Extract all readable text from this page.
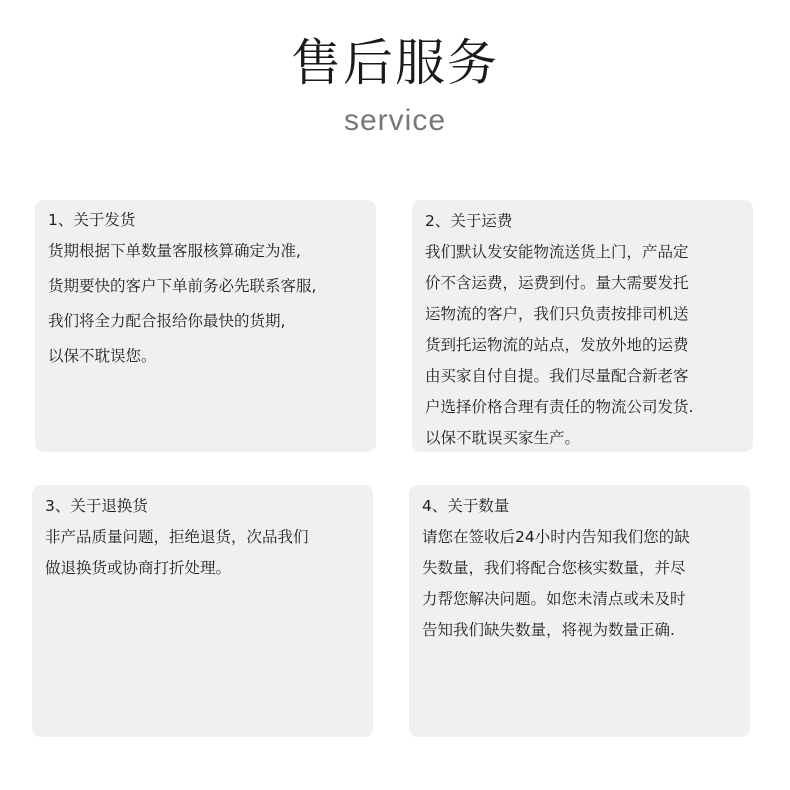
售后服务
service
1、关于发货
货期根据下单数量客服核算确定为准,
货期要快的客户下单前务必先联系客服,
我们将全力配合报给你最快的货期,
以保不耽误您。
2、关于运费
我们默认发安能物流送货上门，产品定
价不含运费，运费到付。量大需要发托
运物流的客户，我们只负责按排司机送
货到托运物流的站点，发放外地的运费
由买家自付自提。我们尽量配合新老客
户选择价格合理有责任的物流公司发货.
以保不耽误买家生产。
3、关于退换货
非产品质量问题，拒绝退货，次品我们
做退换货或协商打折处理。
4、关于数量
请您在签收后24小时内告知我们您的缺
失数量，我们将配合您核实数量，并尽
力帮您解决问题。如您未清点或未及时
告知我们缺失数量，将视为数量正确.
